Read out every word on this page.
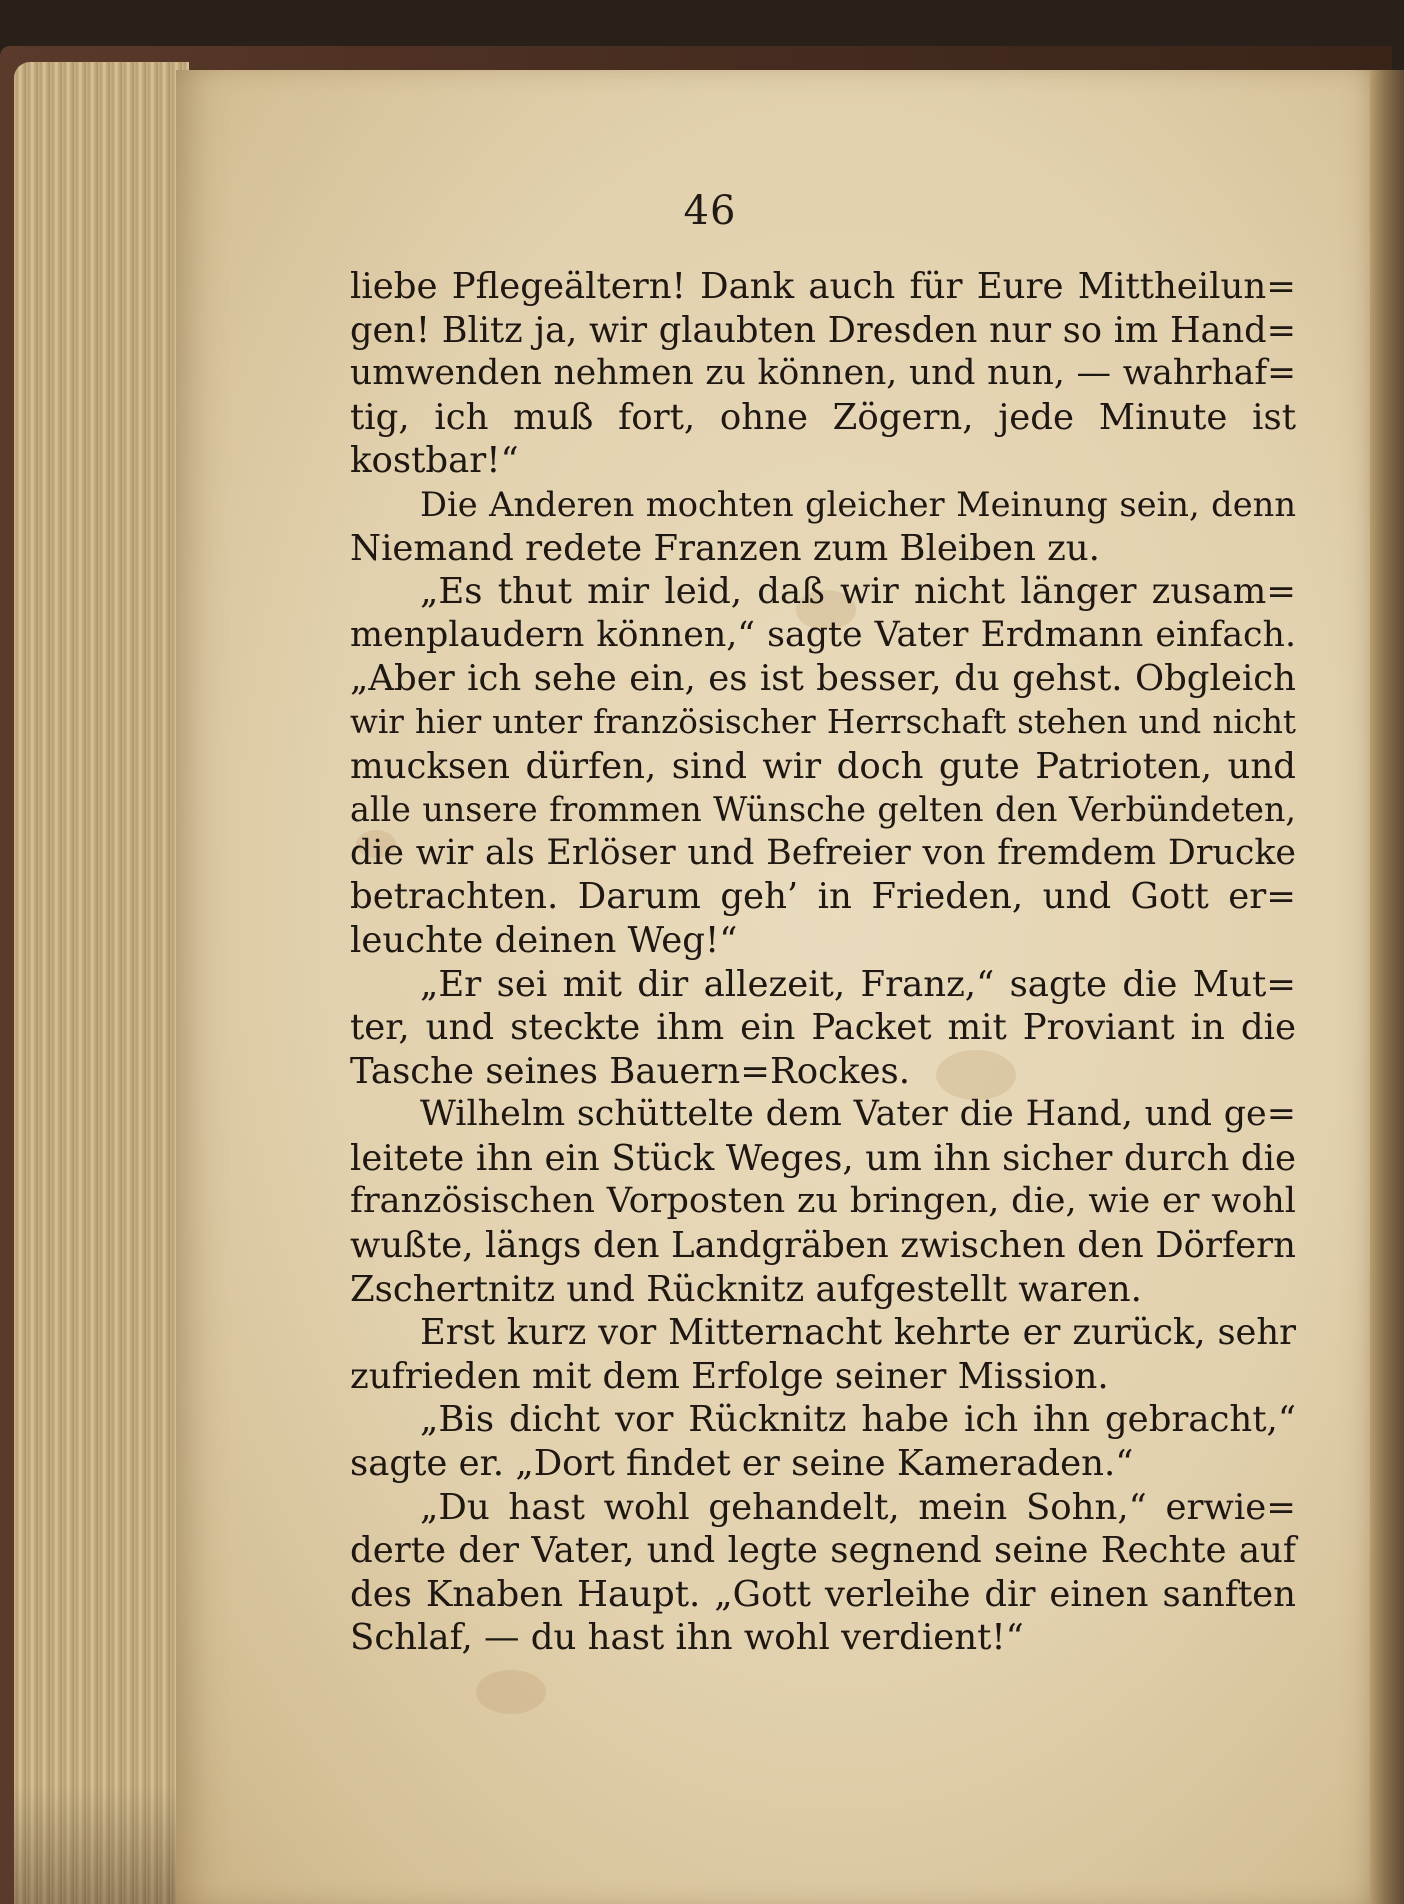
46
liebe Pflegeältern! Dank auch für Eure Mittheilun=
gen! Blitz ja, wir glaubten Dresden nur so im Hand=
umwenden nehmen zu können, und nun, — wahrhaf=
tig, ich muß fort, ohne Zögern, jede Minute ist
kostbar!“
Die Anderen mochten gleicher Meinung sein, denn
Niemand redete Franzen zum Bleiben zu.
„Es thut mir leid, daß wir nicht länger zusam=
menplaudern können,“ sagte Vater Erdmann einfach.
„Aber ich sehe ein, es ist besser, du gehst. Obgleich
wir hier unter französischer Herrschaft stehen und nicht
mucksen dürfen, sind wir doch gute Patrioten, und
alle unsere frommen Wünsche gelten den Verbündeten,
die wir als Erlöser und Befreier von fremdem Drucke
betrachten. Darum geh’ in Frieden, und Gott er=
leuchte deinen Weg!“
„Er sei mit dir allezeit, Franz,“ sagte die Mut=
ter, und steckte ihm ein Packet mit Proviant in die
Tasche seines Bauern=Rockes.
Wilhelm schüttelte dem Vater die Hand, und ge=
leitete ihn ein Stück Weges, um ihn sicher durch die
französischen Vorposten zu bringen, die, wie er wohl
wußte, längs den Landgräben zwischen den Dörfern
Zschertnitz und Rücknitz aufgestellt waren.
Erst kurz vor Mitternacht kehrte er zurück, sehr
zufrieden mit dem Erfolge seiner Mission.
„Bis dicht vor Rücknitz habe ich ihn gebracht,“
sagte er. „Dort findet er seine Kameraden.“
„Du hast wohl gehandelt, mein Sohn,“ erwie=
derte der Vater, und legte segnend seine Rechte auf
des Knaben Haupt. „Gott verleihe dir einen sanften
Schlaf, — du hast ihn wohl verdient!“
